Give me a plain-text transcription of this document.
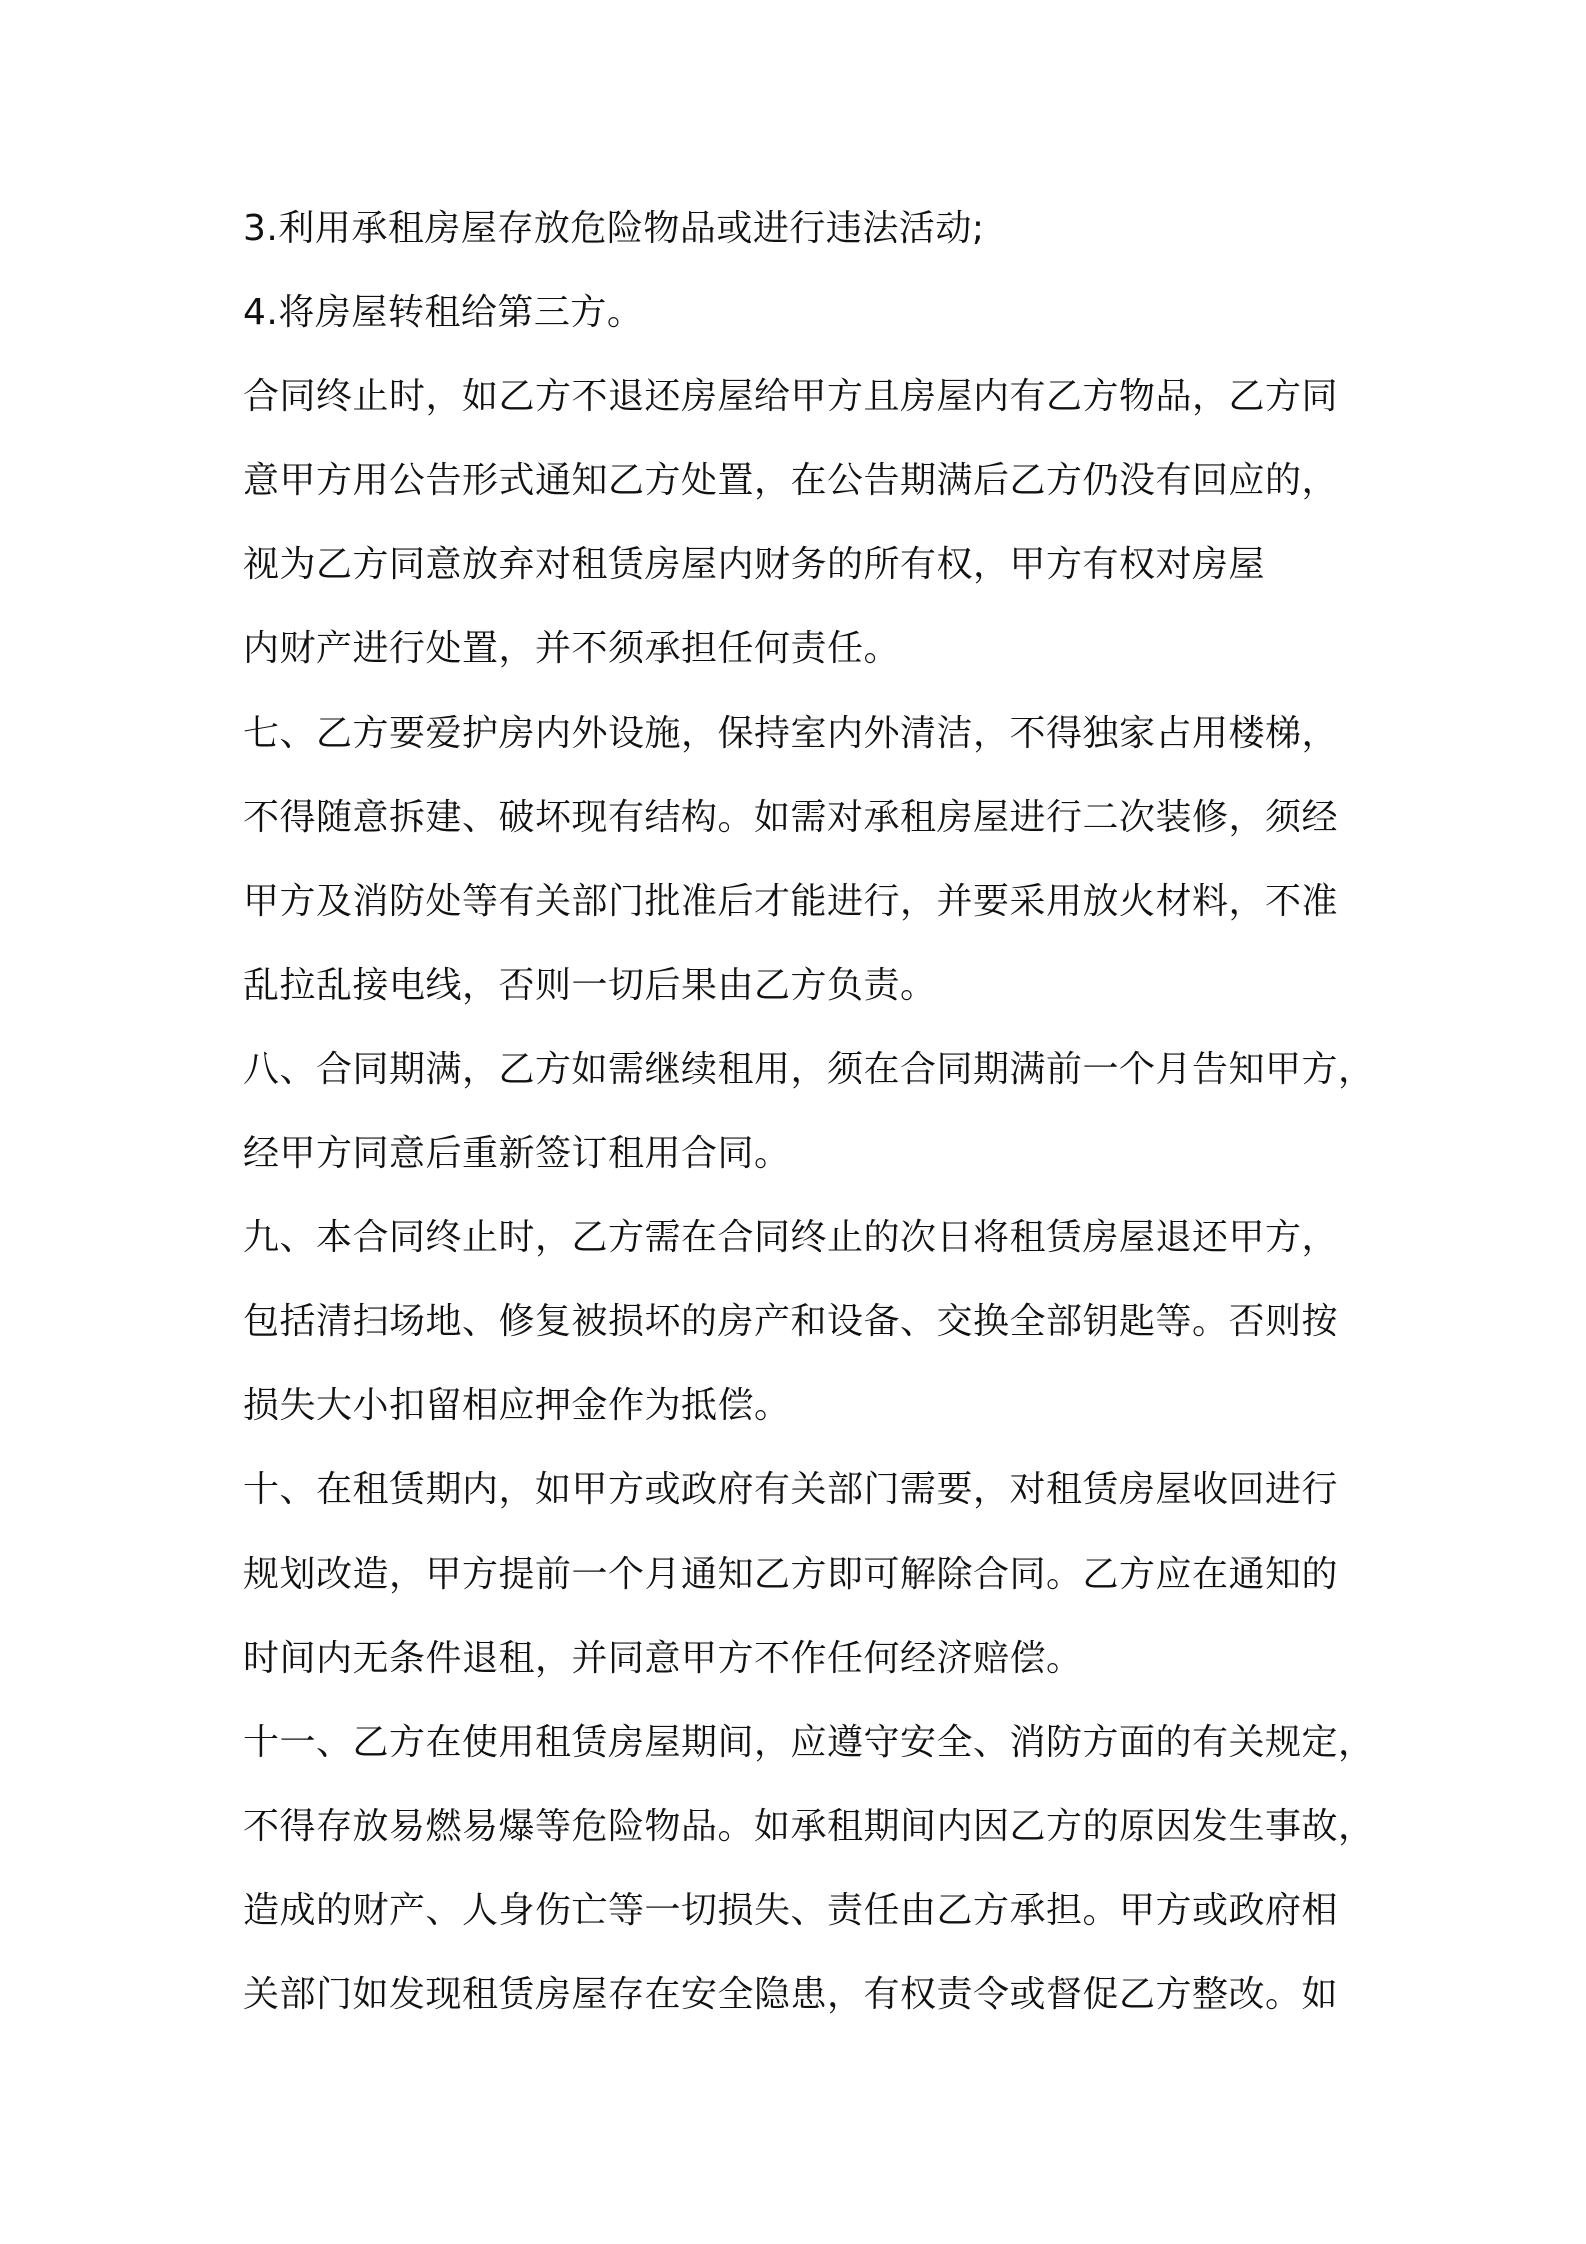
3.利用承租房屋存放危险物品或进行违法活动;
4.将房屋转租给第三方。
合同终止时，如乙方不退还房屋给甲方且房屋内有乙方物品，乙方同
意甲方用公告形式通知乙方处置，在公告期满后乙方仍没有回应的，
视为乙方同意放弃对租赁房屋内财务的所有权，甲方有权对房屋
内财产进行处置，并不须承担任何责任。
七、乙方要爱护房内外设施，保持室内外清洁，不得独家占用楼梯，
不得随意拆建、破坏现有结构。如需对承租房屋进行二次装修，须经
甲方及消防处等有关部门批准后才能进行，并要采用放火材料，不准
乱拉乱接电线，否则一切后果由乙方负责。
八、合同期满，乙方如需继续租用，须在合同期满前一个月告知甲方，
经甲方同意后重新签订租用合同。
九、本合同终止时，乙方需在合同终止的次日将租赁房屋退还甲方，
包括清扫场地、修复被损坏的房产和设备、交换全部钥匙等。否则按
损失大小扣留相应押金作为抵偿。
十、在租赁期内，如甲方或政府有关部门需要，对租赁房屋收回进行
规划改造，甲方提前一个月通知乙方即可解除合同。乙方应在通知的
时间内无条件退租，并同意甲方不作任何经济赔偿。
十一、乙方在使用租赁房屋期间，应遵守安全、消防方面的有关规定，
不得存放易燃易爆等危险物品。如承租期间内因乙方的原因发生事故，
造成的财产、人身伤亡等一切损失、责任由乙方承担。甲方或政府相
关部门如发现租赁房屋存在安全隐患，有权责令或督促乙方整改。如
